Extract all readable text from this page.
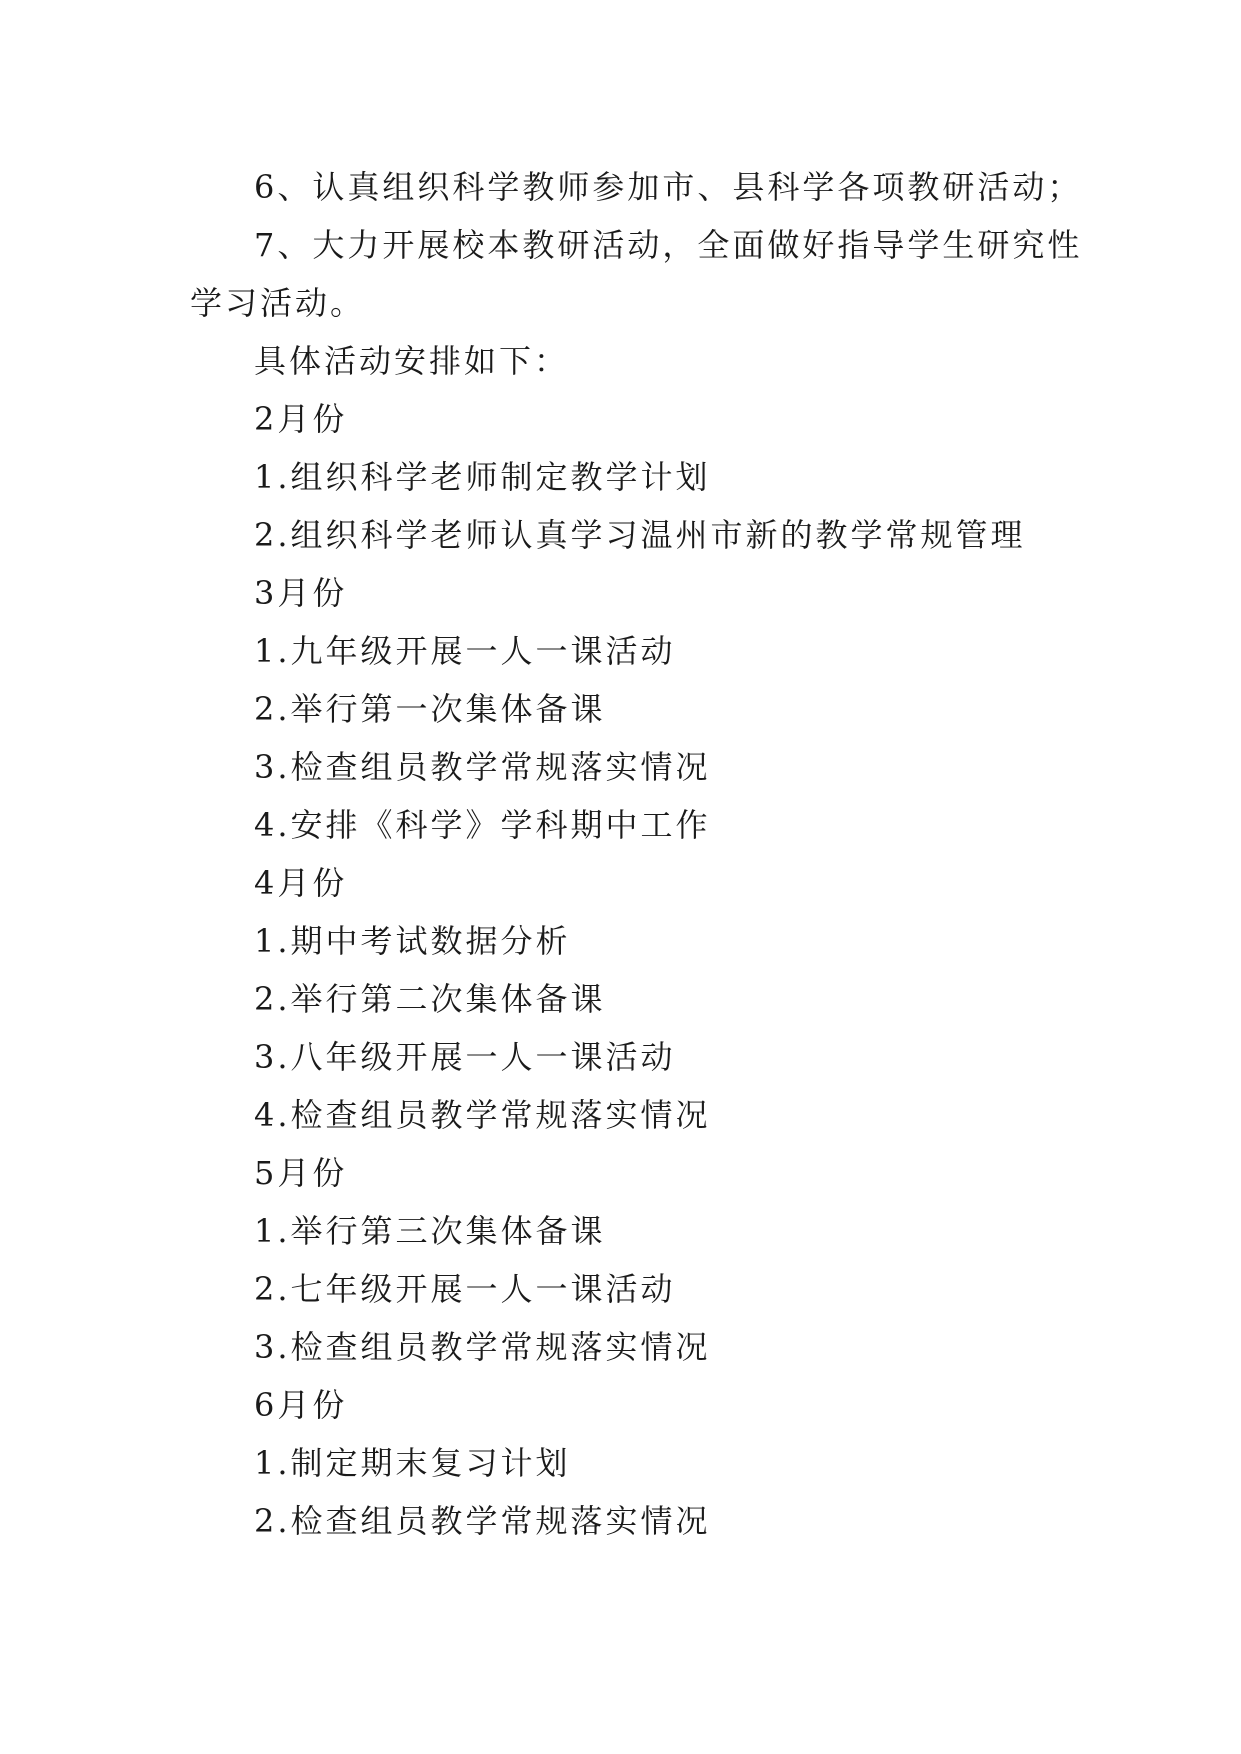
6、认真组织科学教师参加市、县科学各项教研活动；
7、大力开展校本教研活动，全面做好指导学生研究性
学习活动。
具体活动安排如下：
2月份
1.组织科学老师制定教学计划
2.组织科学老师认真学习温州市新的教学常规管理
3月份
1.九年级开展一人一课活动
2.举行第一次集体备课
3.检查组员教学常规落实情况
4.安排《科学》学科期中工作
4月份
1.期中考试数据分析
2.举行第二次集体备课
3.八年级开展一人一课活动
4.检查组员教学常规落实情况
5月份
1.举行第三次集体备课
2.七年级开展一人一课活动
3.检查组员教学常规落实情况
6月份
1.制定期末复习计划
2.检查组员教学常规落实情况
